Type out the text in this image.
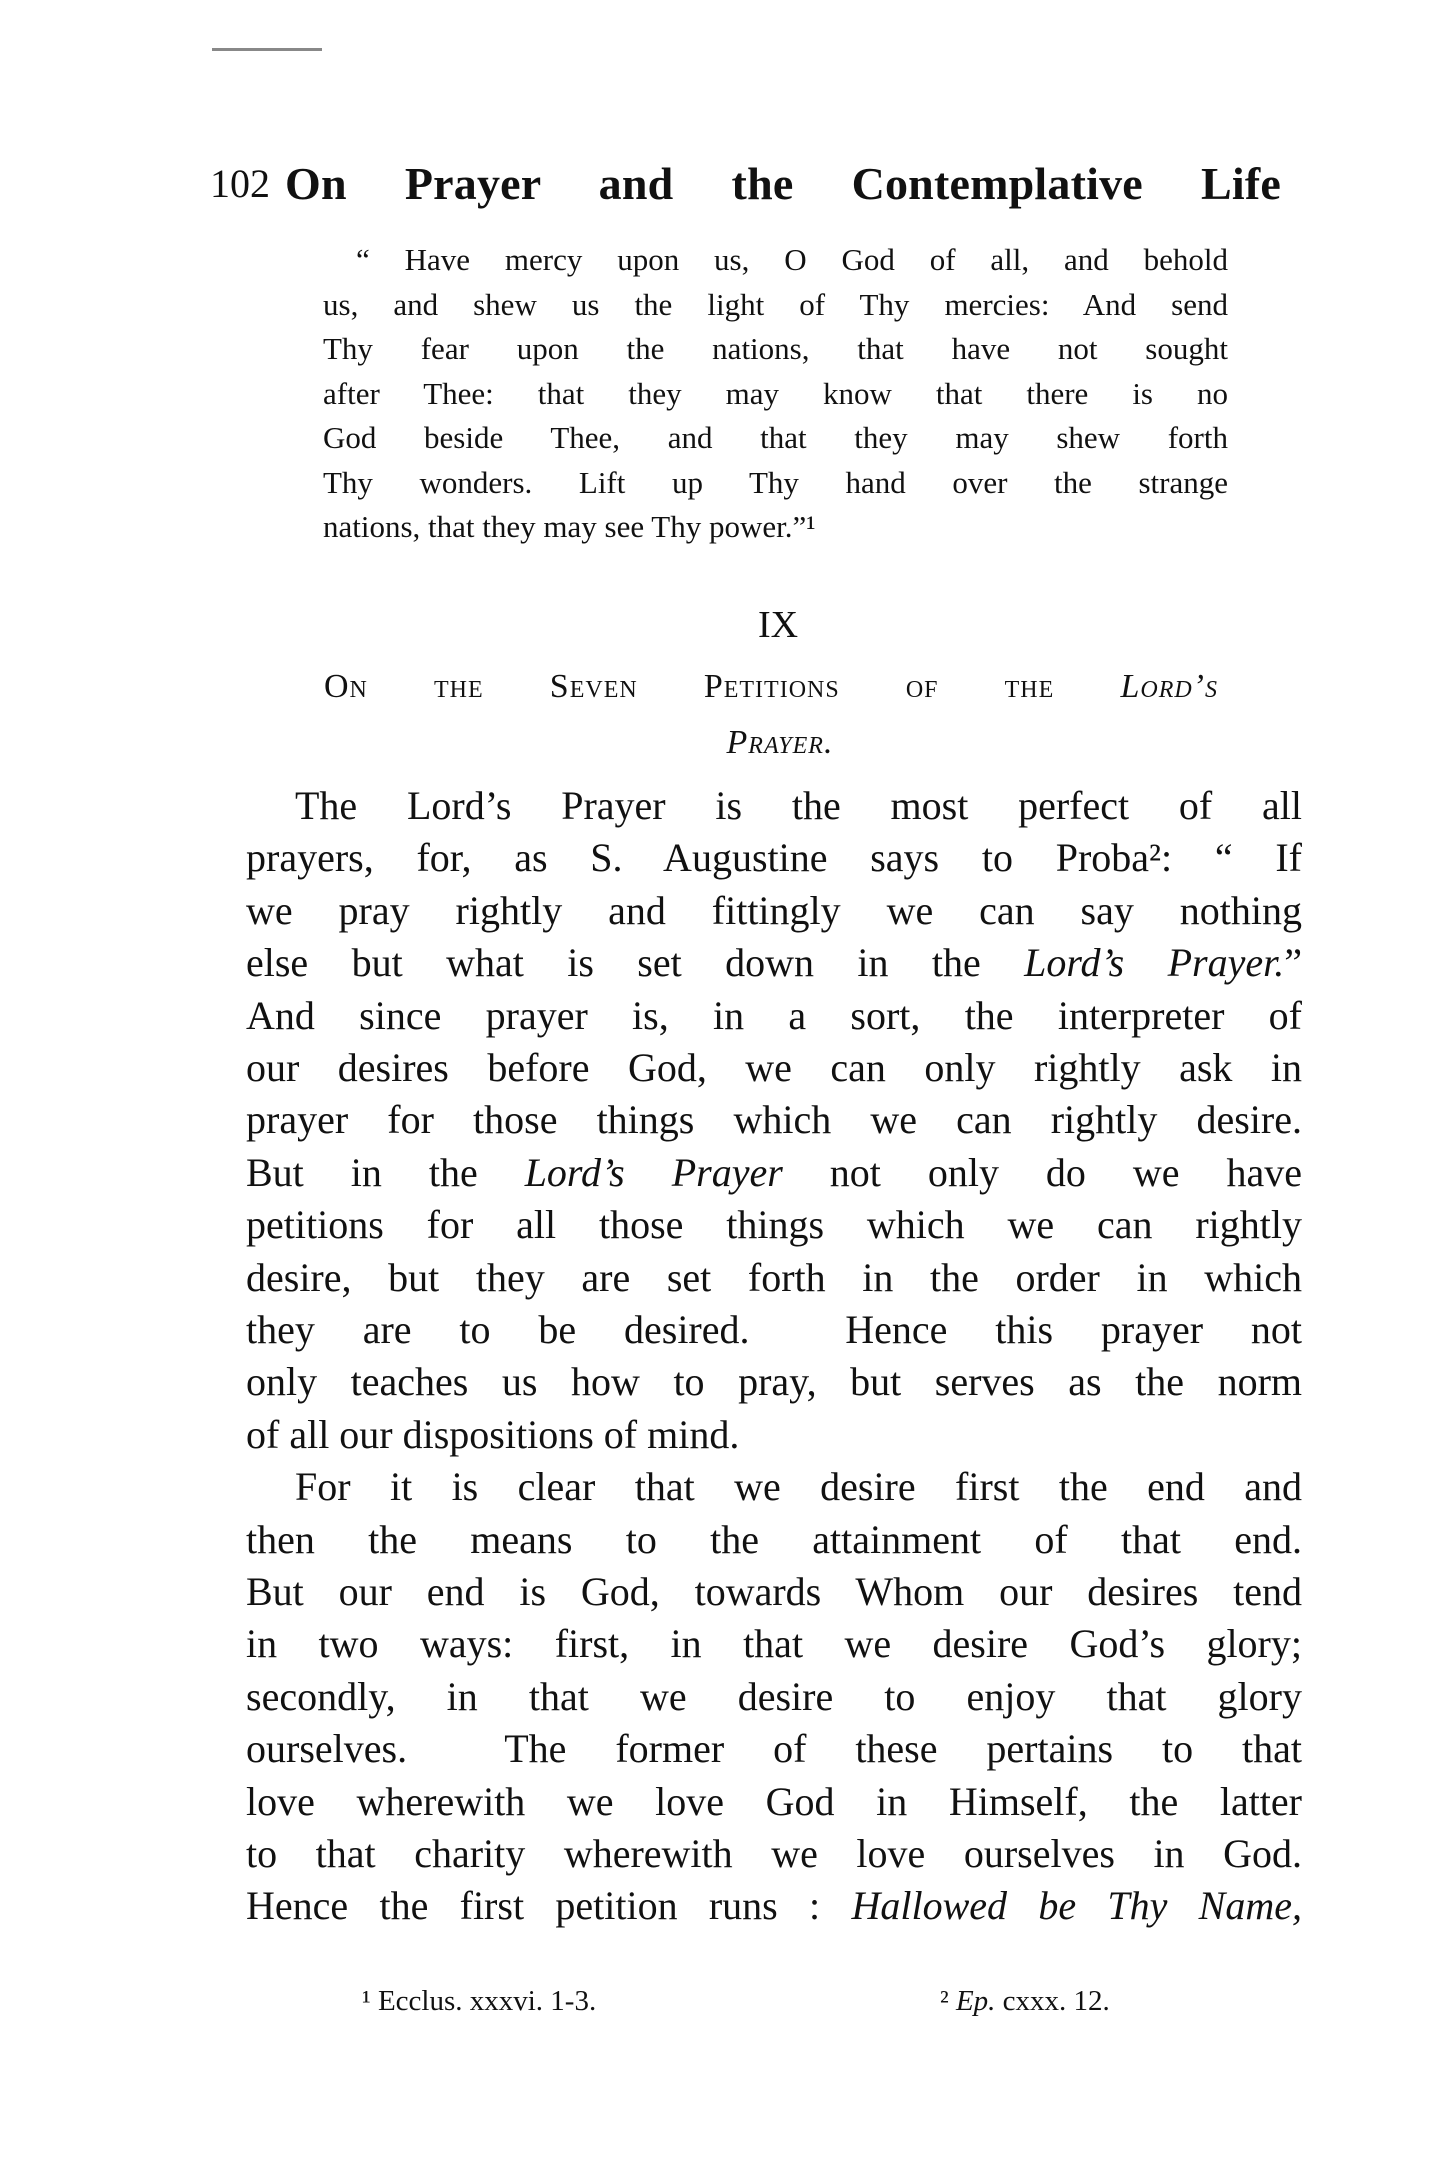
102 On Prayer and the Contemplative Life
“ Have mercy upon us, O God of all, and behold
us, and shew us the light of Thy mercies: And send
Thy fear upon the nations, that have not sought
after Thee: that they may know that there is no
God beside Thee, and that they may shew forth
Thy wonders. Lift up Thy hand over the strange
nations, that they may see Thy power.”¹
IX
On the Seven Petitions of the Lord’s
Prayer.
The Lord’s Prayer is the most perfect of all
prayers, for, as S. Augustine says to Proba²: “ If
we pray rightly and fittingly we can say nothing
else but what is set down in the Lord’s Prayer.”
And since prayer is, in a sort, the interpreter of
our desires before God, we can only rightly ask in
prayer for those things which we can rightly desire.
But in the Lord’s Prayer not only do we have
petitions for all those things which we can rightly
desire, but they are set forth in the order in which
they are to be desired.  Hence this prayer not
only teaches us how to pray, but serves as the norm
of all our dispositions of mind.
For it is clear that we desire first the end and
then the means to the attainment of that end.
But our end is God, towards Whom our desires tend
in two ways: first, in that we desire God’s glory;
secondly, in that we desire to enjoy that glory
ourselves.  The former of these pertains to that
love wherewith we love God in Himself, the latter
to that charity wherewith we love ourselves in God.
Hence the first petition runs : Hallowed be Thy Name,
¹ Ecclus. xxxvi. 1-3.	² Ep. cxxx. 12.
